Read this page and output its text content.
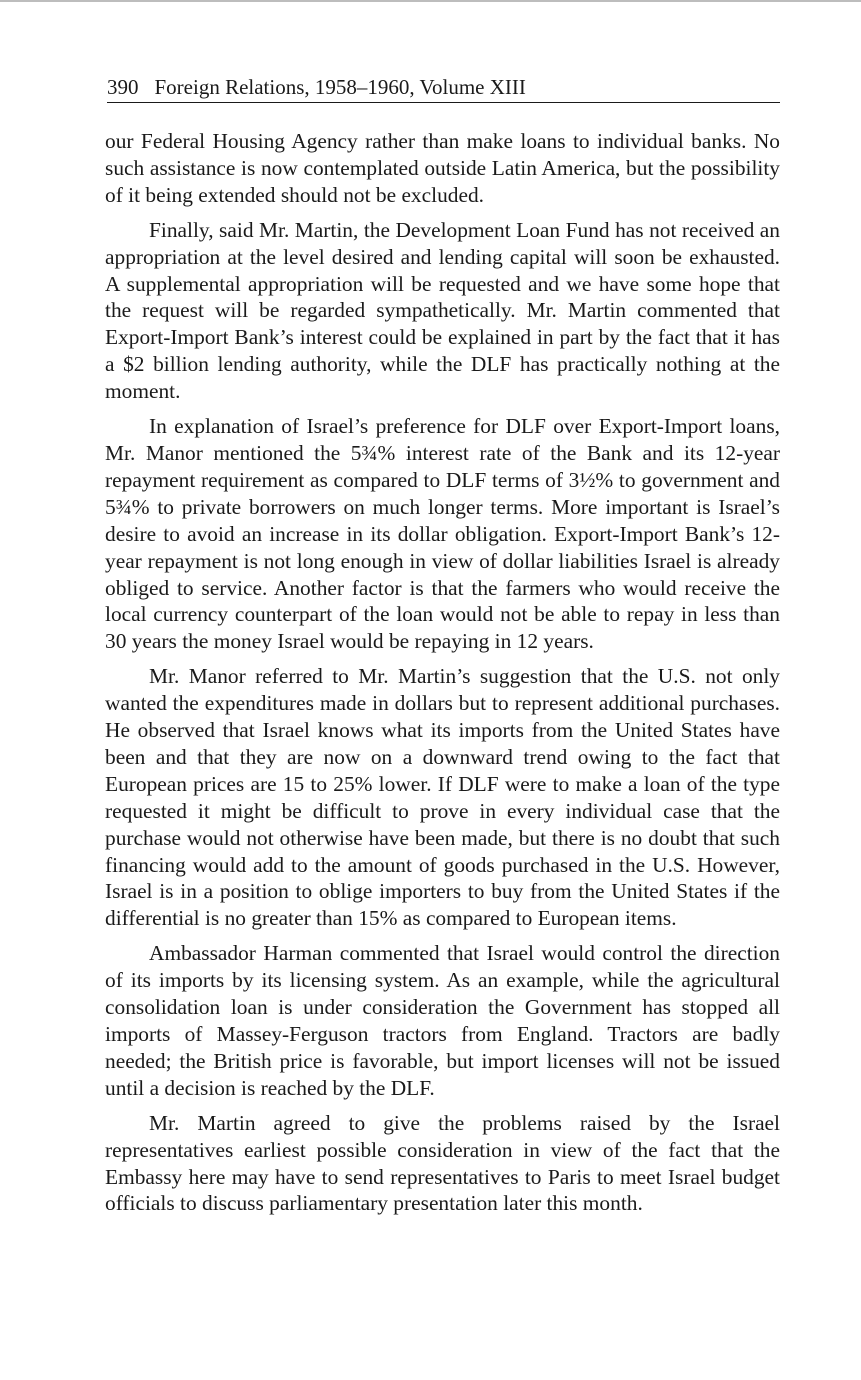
390 Foreign Relations, 1958–1960, Volume XIII

our Federal Housing Agency rather than make loans to individual banks. No such assistance is now contemplated outside Latin America, but the possibility of it being extended should not be excluded.

Finally, said Mr. Martin, the Development Loan Fund has not received an appropriation at the level desired and lending capital will soon be exhausted. A supplemental appropriation will be requested and we have some hope that the request will be regarded sympathetically. Mr. Martin commented that Export-Import Bank’s interest could be explained in part by the fact that it has a $2 billion lending authority, while the DLF has practically nothing at the moment.

In explanation of Israel’s preference for DLF over Export-Import loans, Mr. Manor mentioned the 5¾% interest rate of the Bank and its 12-year repayment requirement as compared to DLF terms of 3½% to government and 5¾% to private borrowers on much longer terms. More important is Israel’s desire to avoid an increase in its dollar obligation. Export-Import Bank’s 12-year repayment is not long enough in view of dollar liabilities Israel is already obliged to service. Another factor is that the farmers who would receive the local currency counterpart of the loan would not be able to repay in less than 30 years the money Israel would be repaying in 12 years.

Mr. Manor referred to Mr. Martin’s suggestion that the U.S. not only wanted the expenditures made in dollars but to represent additional purchases. He observed that Israel knows what its imports from the United States have been and that they are now on a downward trend owing to the fact that European prices are 15 to 25% lower. If DLF were to make a loan of the type requested it might be difficult to prove in every individual case that the purchase would not otherwise have been made, but there is no doubt that such financing would add to the amount of goods purchased in the U.S. However, Israel is in a position to oblige importers to buy from the United States if the differential is no greater than 15% as compared to European items.

Ambassador Harman commented that Israel would control the direction of its imports by its licensing system. As an example, while the agricultural consolidation loan is under consideration the Government has stopped all imports of Massey-Ferguson tractors from England. Tractors are badly needed; the British price is favorable, but import licenses will not be issued until a decision is reached by the DLF.

Mr. Martin agreed to give the problems raised by the Israel representatives earliest possible consideration in view of the fact that the Embassy here may have to send representatives to Paris to meet Israel budget officials to discuss parliamentary presentation later this month.
